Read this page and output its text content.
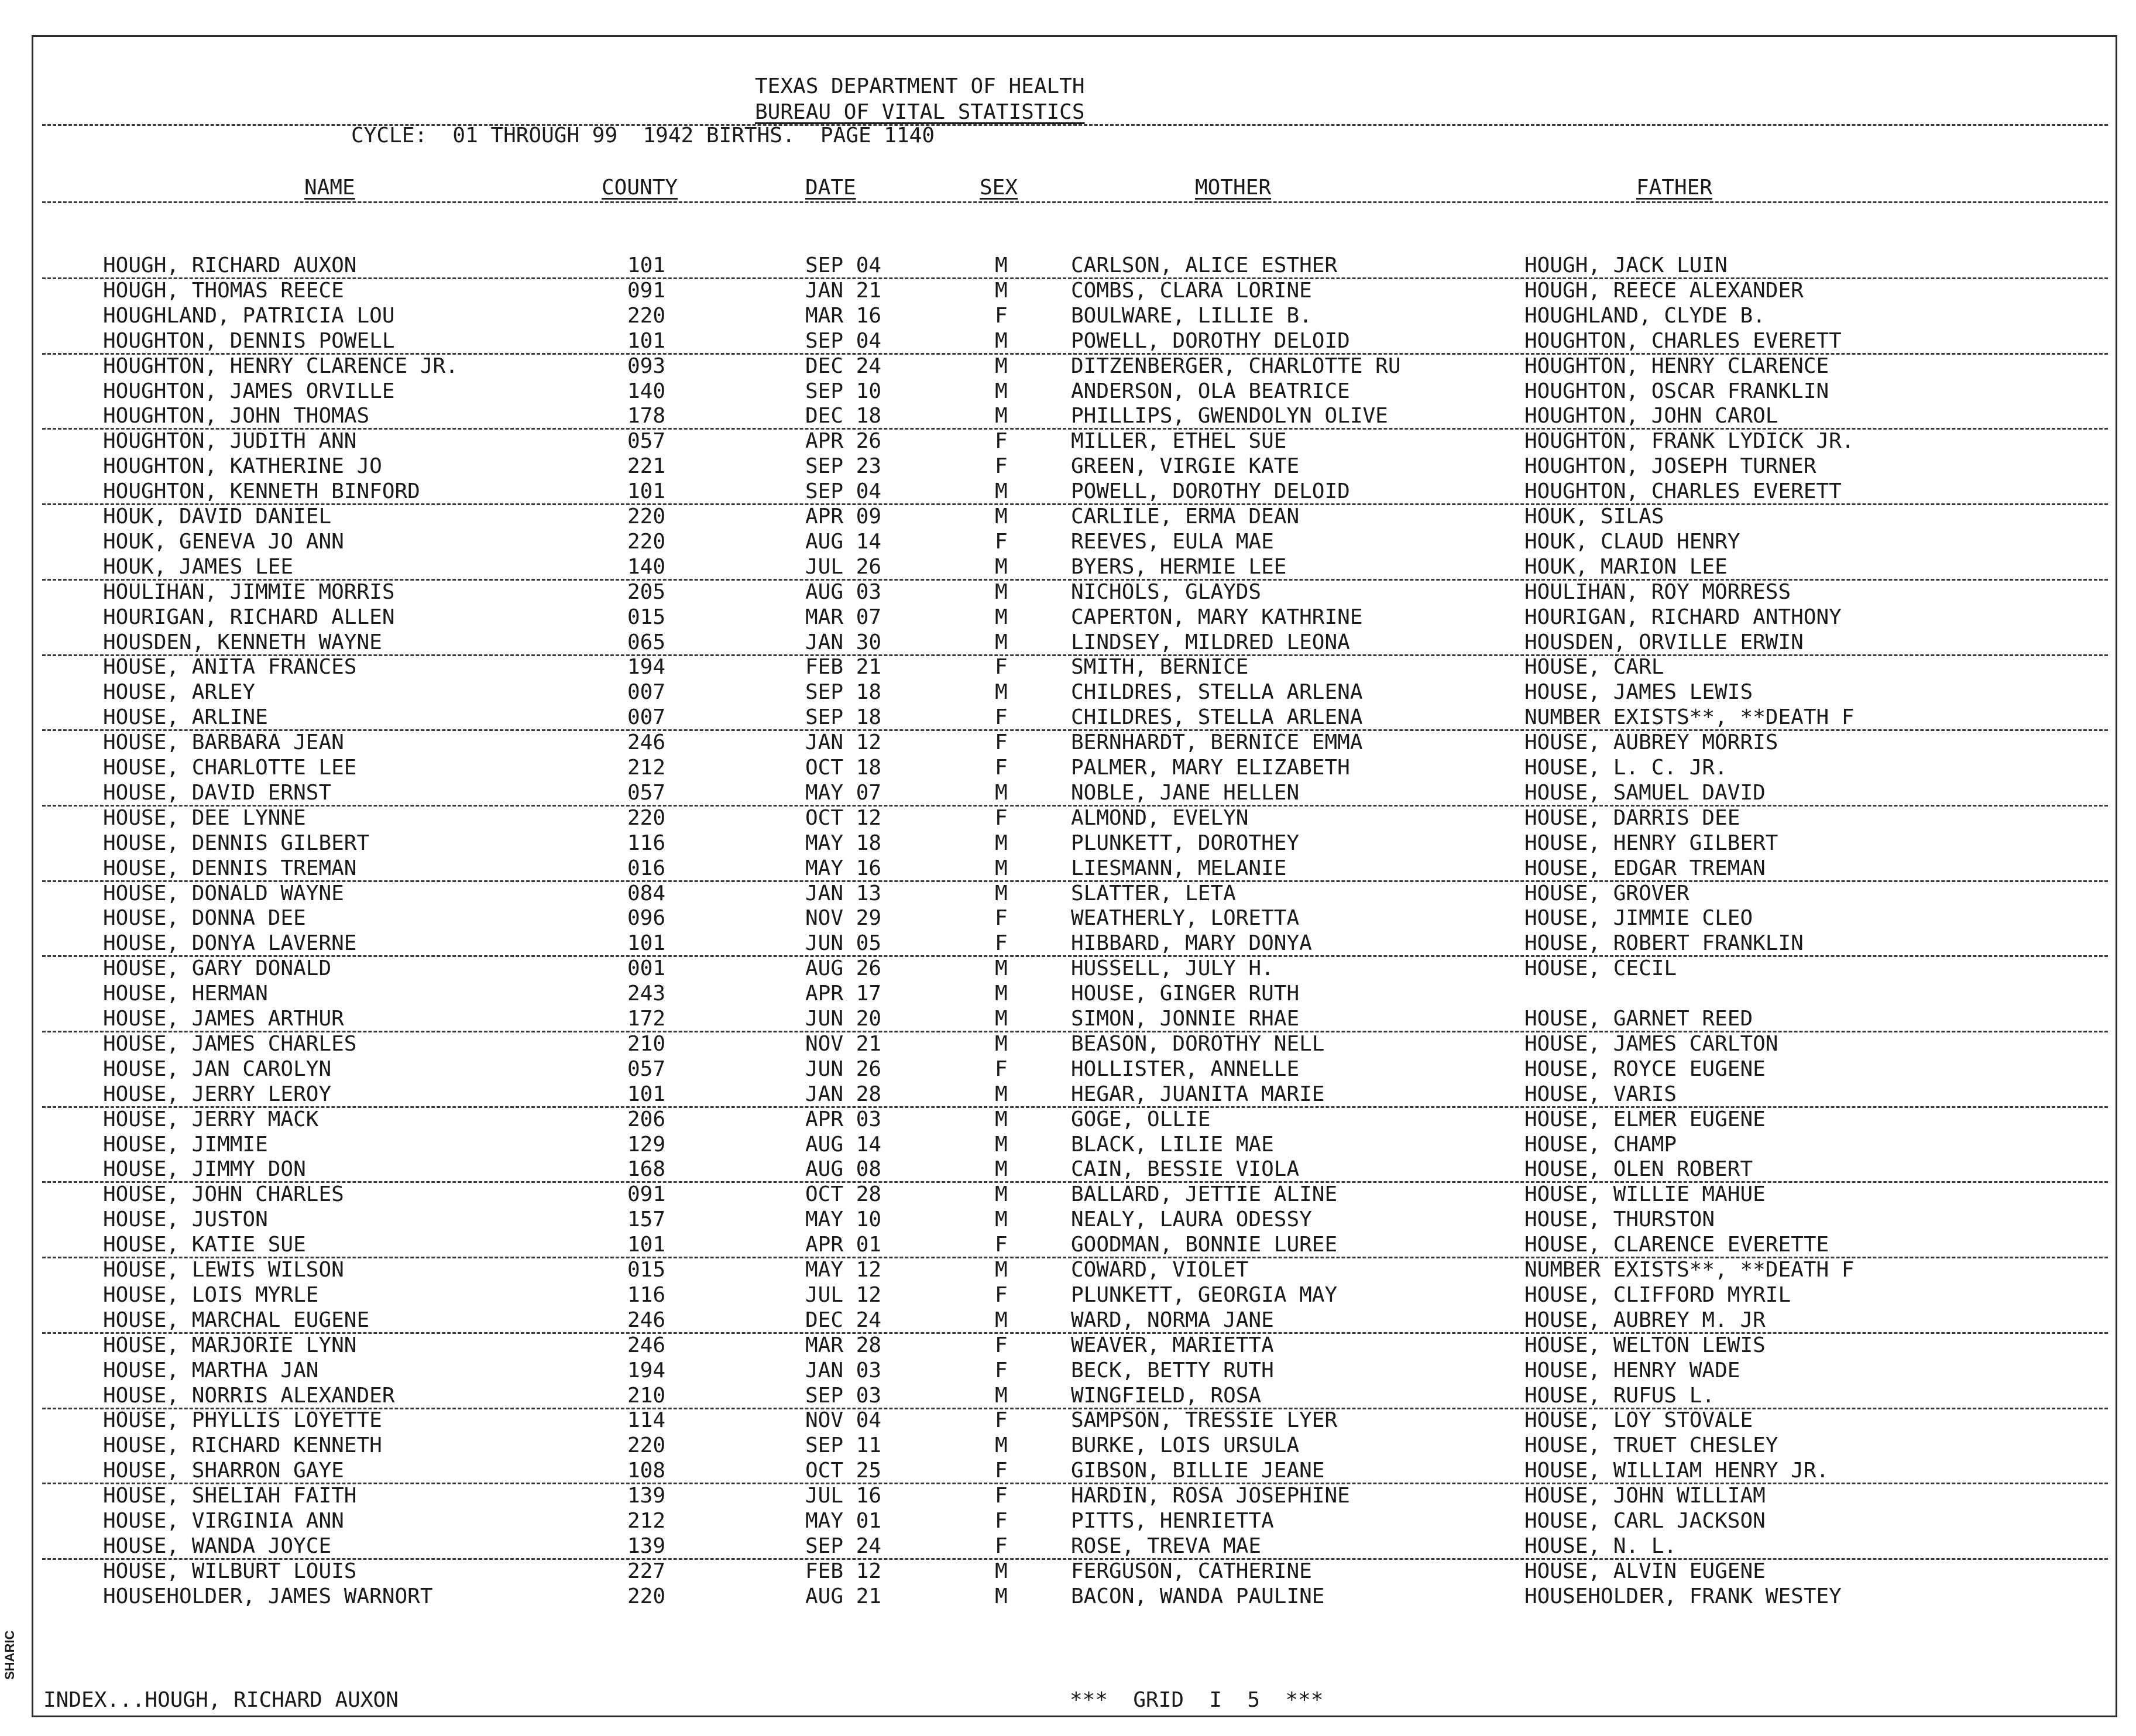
TEXAS DEPARTMENT OF HEALTH
BUREAU OF VITAL STATISTICS
CYCLE:  01 THROUGH 99  1942 BIRTHS.  PAGE 1140
NAME	COUNTY	DATE	SEX	MOTHER	FATHER
HOUGH, RICHARD AUXON	101	SEP 04	M	CARLSON, ALICE ESTHER	HOUGH, JACK LUIN
HOUGH, THOMAS REECE	091	JAN 21	M	COMBS, CLARA LORINE	HOUGH, REECE ALEXANDER
HOUGHLAND, PATRICIA LOU	220	MAR 16	F	BOULWARE, LILLIE B.	HOUGHLAND, CLYDE B.
HOUGHTON, DENNIS POWELL	101	SEP 04	M	POWELL, DOROTHY DELOID	HOUGHTON, CHARLES EVERETT
HOUGHTON, HENRY CLARENCE JR.	093	DEC 24	M	DITZENBERGER, CHARLOTTE RU	HOUGHTON, HENRY CLARENCE
HOUGHTON, JAMES ORVILLE	140	SEP 10	M	ANDERSON, OLA BEATRICE	HOUGHTON, OSCAR FRANKLIN
HOUGHTON, JOHN THOMAS	178	DEC 18	M	PHILLIPS, GWENDOLYN OLIVE	HOUGHTON, JOHN CAROL
HOUGHTON, JUDITH ANN	057	APR 26	F	MILLER, ETHEL SUE	HOUGHTON, FRANK LYDICK JR.
HOUGHTON, KATHERINE JO	221	SEP 23	F	GREEN, VIRGIE KATE	HOUGHTON, JOSEPH TURNER
HOUGHTON, KENNETH BINFORD	101	SEP 04	M	POWELL, DOROTHY DELOID	HOUGHTON, CHARLES EVERETT
HOUK, DAVID DANIEL	220	APR 09	M	CARLILE, ERMA DEAN	HOUK, SILAS
HOUK, GENEVA JO ANN	220	AUG 14	F	REEVES, EULA MAE	HOUK, CLAUD HENRY
HOUK, JAMES LEE	140	JUL 26	M	BYERS, HERMIE LEE	HOUK, MARION LEE
HOULIHAN, JIMMIE MORRIS	205	AUG 03	M	NICHOLS, GLAYDS	HOULIHAN, ROY MORRESS
HOURIGAN, RICHARD ALLEN	015	MAR 07	M	CAPERTON, MARY KATHRINE	HOURIGAN, RICHARD ANTHONY
HOUSDEN, KENNETH WAYNE	065	JAN 30	M	LINDSEY, MILDRED LEONA	HOUSDEN, ORVILLE ERWIN
HOUSE, ANITA FRANCES	194	FEB 21	F	SMITH, BERNICE	HOUSE, CARL
HOUSE, ARLEY	007	SEP 18	M	CHILDRES, STELLA ARLENA	HOUSE, JAMES LEWIS
HOUSE, ARLINE	007	SEP 18	F	CHILDRES, STELLA ARLENA	NUMBER EXISTS**, **DEATH F
HOUSE, BARBARA JEAN	246	JAN 12	F	BERNHARDT, BERNICE EMMA	HOUSE, AUBREY MORRIS
HOUSE, CHARLOTTE LEE	212	OCT 18	F	PALMER, MARY ELIZABETH	HOUSE, L. C. JR.
HOUSE, DAVID ERNST	057	MAY 07	M	NOBLE, JANE HELLEN	HOUSE, SAMUEL DAVID
HOUSE, DEE LYNNE	220	OCT 12	F	ALMOND, EVELYN	HOUSE, DARRIS DEE
HOUSE, DENNIS GILBERT	116	MAY 18	M	PLUNKETT, DOROTHEY	HOUSE, HENRY GILBERT
HOUSE, DENNIS TREMAN	016	MAY 16	M	LIESMANN, MELANIE	HOUSE, EDGAR TREMAN
HOUSE, DONALD WAYNE	084	JAN 13	M	SLATTER, LETA	HOUSE, GROVER
HOUSE, DONNA DEE	096	NOV 29	F	WEATHERLY, LORETTA	HOUSE, JIMMIE CLEO
HOUSE, DONYA LAVERNE	101	JUN 05	F	HIBBARD, MARY DONYA	HOUSE, ROBERT FRANKLIN
HOUSE, GARY DONALD	001	AUG 26	M	HUSSELL, JULY H.	HOUSE, CECIL
HOUSE, HERMAN	243	APR 17	M	HOUSE, GINGER RUTH
HOUSE, JAMES ARTHUR	172	JUN 20	M	SIMON, JONNIE RHAE	HOUSE, GARNET REED
HOUSE, JAMES CHARLES	210	NOV 21	M	BEASON, DOROTHY NELL	HOUSE, JAMES CARLTON
HOUSE, JAN CAROLYN	057	JUN 26	F	HOLLISTER, ANNELLE	HOUSE, ROYCE EUGENE
HOUSE, JERRY LEROY	101	JAN 28	M	HEGAR, JUANITA MARIE	HOUSE, VARIS
HOUSE, JERRY MACK	206	APR 03	M	GOGE, OLLIE	HOUSE, ELMER EUGENE
HOUSE, JIMMIE	129	AUG 14	M	BLACK, LILIE MAE	HOUSE, CHAMP
HOUSE, JIMMY DON	168	AUG 08	M	CAIN, BESSIE VIOLA	HOUSE, OLEN ROBERT
HOUSE, JOHN CHARLES	091	OCT 28	M	BALLARD, JETTIE ALINE	HOUSE, WILLIE MAHUE
HOUSE, JUSTON	157	MAY 10	M	NEALY, LAURA ODESSY	HOUSE, THURSTON
HOUSE, KATIE SUE	101	APR 01	F	GOODMAN, BONNIE LUREE	HOUSE, CLARENCE EVERETTE
HOUSE, LEWIS WILSON	015	MAY 12	M	COWARD, VIOLET	NUMBER EXISTS**, **DEATH F
HOUSE, LOIS MYRLE	116	JUL 12	F	PLUNKETT, GEORGIA MAY	HOUSE, CLIFFORD MYRIL
HOUSE, MARCHAL EUGENE	246	DEC 24	M	WARD, NORMA JANE	HOUSE, AUBREY M. JR
HOUSE, MARJORIE LYNN	246	MAR 28	F	WEAVER, MARIETTA	HOUSE, WELTON LEWIS
HOUSE, MARTHA JAN	194	JAN 03	F	BECK, BETTY RUTH	HOUSE, HENRY WADE
HOUSE, NORRIS ALEXANDER	210	SEP 03	M	WINGFIELD, ROSA	HOUSE, RUFUS L.
HOUSE, PHYLLIS LOYETTE	114	NOV 04	F	SAMPSON, TRESSIE LYER	HOUSE, LOY STOVALE
HOUSE, RICHARD KENNETH	220	SEP 11	M	BURKE, LOIS URSULA	HOUSE, TRUET CHESLEY
HOUSE, SHARRON GAYE	108	OCT 25	F	GIBSON, BILLIE JEANE	HOUSE, WILLIAM HENRY JR.
HOUSE, SHELIAH FAITH	139	JUL 16	F	HARDIN, ROSA JOSEPHINE	HOUSE, JOHN WILLIAM
HOUSE, VIRGINIA ANN	212	MAY 01	F	PITTS, HENRIETTA	HOUSE, CARL JACKSON
HOUSE, WANDA JOYCE	139	SEP 24	F	ROSE, TREVA MAE	HOUSE, N. L.
HOUSE, WILBURT LOUIS	227	FEB 12	M	FERGUSON, CATHERINE	HOUSE, ALVIN EUGENE
HOUSEHOLDER, JAMES WARNORT	220	AUG 21	M	BACON, WANDA PAULINE	HOUSEHOLDER, FRANK WESTEY
INDEX...HOUGH, RICHARD AUXON	***  GRID  I  5  ***
SHARIC
